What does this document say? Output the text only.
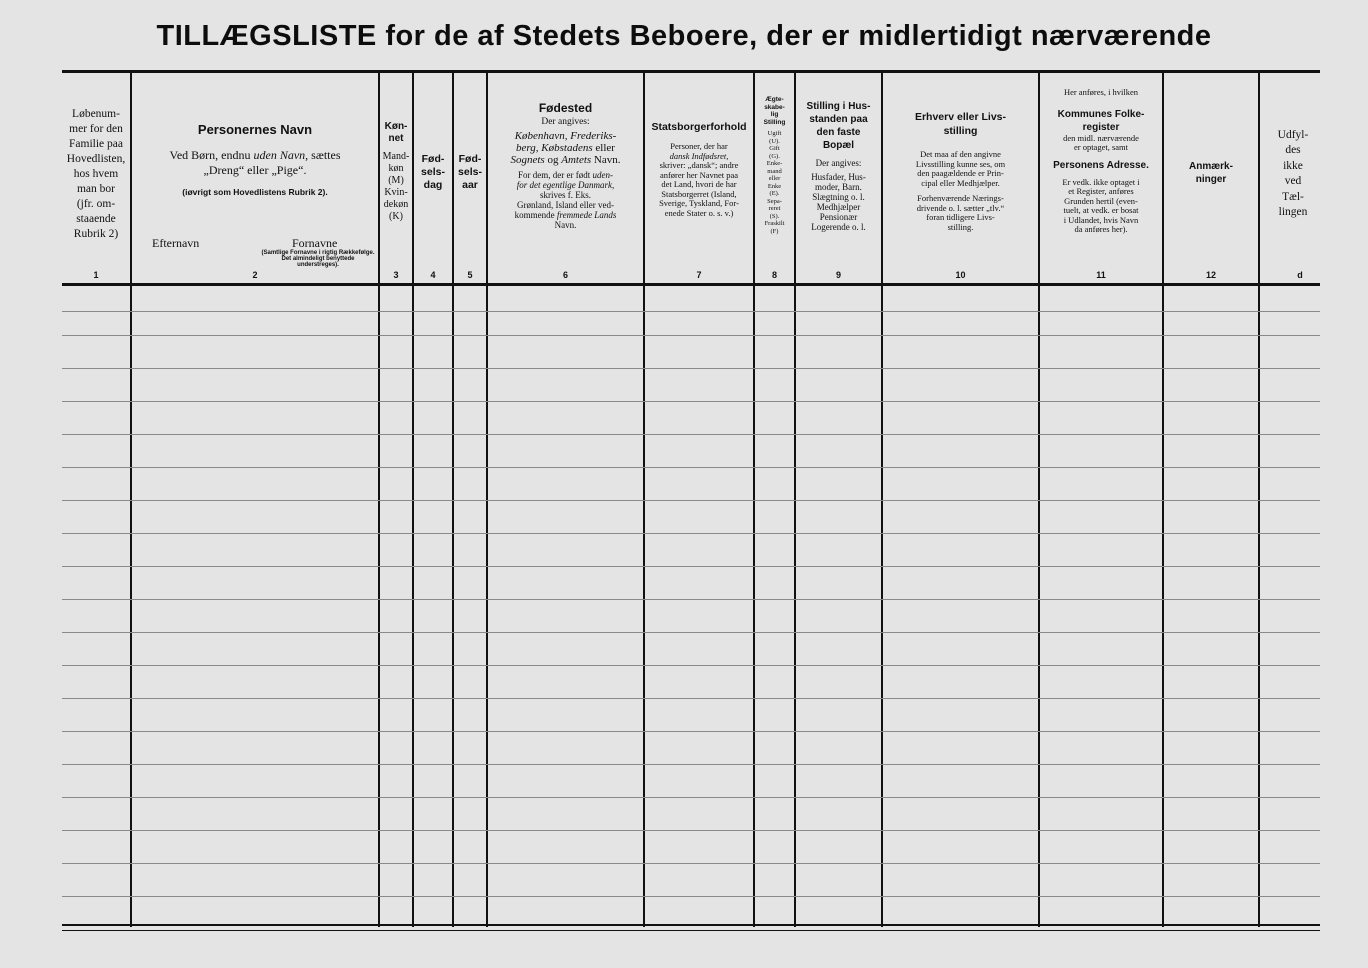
TILLÆGSLISTE for de af Stedets Beboere, der er midlertidigt nærværende
Løbenum-
mer for den
Familie paa
Hovedlisten,
hos hvem
man bor
(jfr. om-
staaende
Rubrik 2)
1
Personernes Navn
Ved Børn, endnu uden Navn, sættes
„Dreng“ eller „Pige“.
(iøvrigt som Hovedlistens Rubrik 2).
Efternavn	Fornavne
(Samtlige Fornavne i rigtig Rækkefølge. Det almindeligt benyttede understreges).
2
Køn-
net
Mand-
køn
(M)
Kvin-
dekøn
(K)
3
Fød-
sels-
dag
4
Fød-
sels-
aar
5
Fødested
Der angives:
København, Frederiks-
berg, Købstadens eller
Sognets og Amtets Navn.
For dem, der er født uden-
for det egentlige Danmark,
skrives f. Eks.
Grønland, Island eller ved-
kommende fremmede Lands
Navn.
6
Statsborgerforhold
Personer, der har
dansk Indfødsret,
skriver: „dansk“; andre
anfører her Navnet paa
det Land, hvori de har
Statsborgerret (Island,
Sverige, Tyskland, For-
enede Stater o. s. v.)
7
Ægte-
skabe-
lig
Stilling
Ugift
(U).
Gift
(G).
Enke-
mand
eller
Enke
(E).
Sepa-
reret
(S).
Fraskilt
(F)
8
Stilling i Hus-
standen paa
den faste
Bopæl
Der angives:
Husfader, Hus-
moder, Barn.
Slægtning o. l.
Medhjælper
Pensionær
Logerende o. l.
9
Erhverv eller Livs-
stilling
Det maa af den angivne
Livsstilling kunne ses, om
den paagældende er Prin-
cipal eller Medhjælper.
Forhenværende Nærings-
drivende o. l. sætter „tlv.“
foran tidligere Livs-
stilling.
10
Her anføres, i hvilken
Kommunes Folke-
register
den midl. nærværende
er optaget, samt
Personens Adresse.
Er vedk. ikke optaget i
et Register, anføres
Grunden hertil (even-
tuelt, at vedk. er bosat
i Udlandet, hvis Navn
da anføres her).
11
Anmærk-
ninger
12
Udfyl-
des
ikke
ved
Tæl-
lingen
d
